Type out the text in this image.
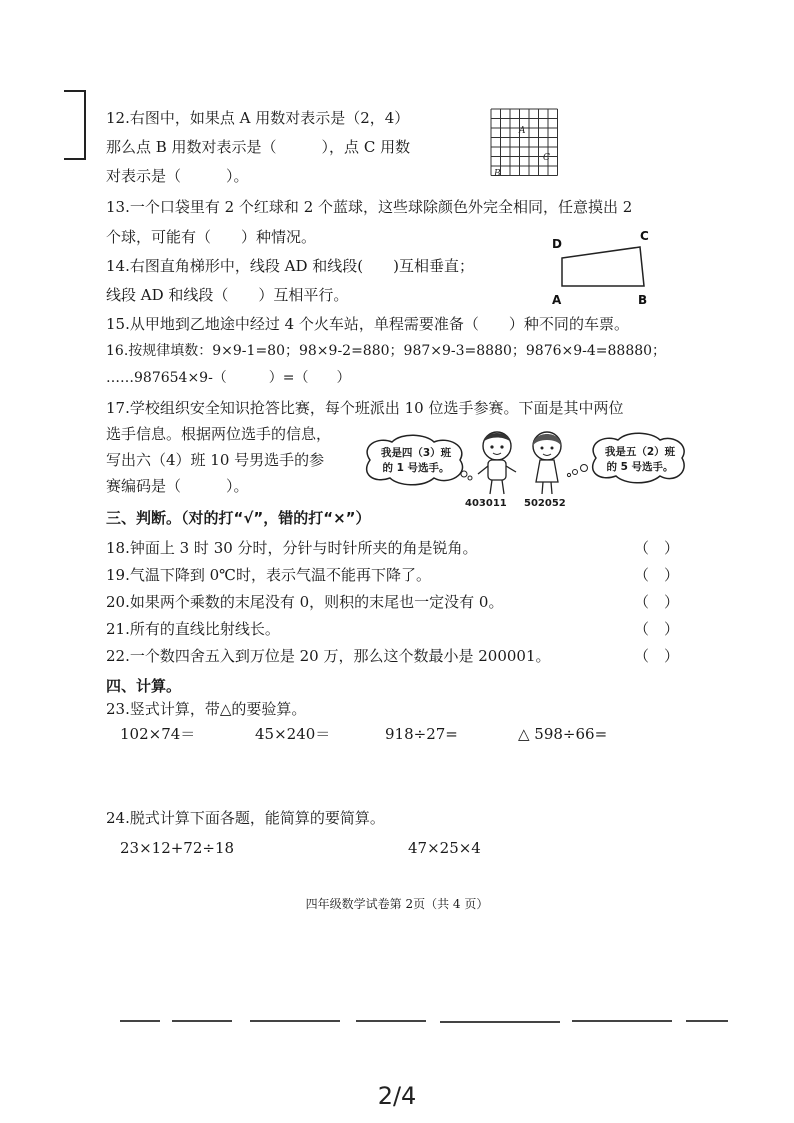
12.右图中，如果点 A 用数对表示是（2，4）
那么点 B 用数对表示是（　　　），点 C 用数
对表示是（　　　）。
A
B
C
13.一个口袋里有 2 个红球和 2 个蓝球，这些球除颜色外完全相同，任意摸出 2
个球，可能有（　　）种情况。
14.右图直角梯形中，线段 AD 和线段(　　)互相垂直；
线段 AD 和线段（　　）互相平行。
D
C
A	B
15.从甲地到乙地途中经过 4 个火车站，单程需要准备（　　）种不同的车票。
16.按规律填数：9×9-1=80；98×9-2=880；987×9-3=8880；9876×9-4=88880；
……987654×9-（　　　）=（　　）
17.学校组织安全知识抢答比赛，每个班派出 10 位选手参赛。下面是其中两位
选手信息。根据两位选手的信息，
写出六（4）班 10 号男选手的参
赛编码是（　　　）。
我是四（3）班
的 1 号选手。
我是五（2）班
的 5 号选手。
403011 502052
三、判断。（对的打“√”，错的打“×”）
18.钟面上 3 时 30 分时，分针与时针所夹的角是锐角。	（　）
19.气温下降到 0℃时，表示气温不能再下降了。	（　）
20.如果两个乘数的末尾没有 0，则积的末尾也一定没有 0。	（　）
21.所有的直线比射线长。	（　）
22.一个数四舍五入到万位是 20 万，那么这个数最小是 200001。	（　）
四、计算。
23.竖式计算，带△的要验算。
102×74＝	45×240＝	918÷27=	△ 598÷66=
24.脱式计算下面各题，能简算的要简算。
23×12+72÷18	47×25×4
四年级数学试卷第 2页（共 4 页）
2/4
